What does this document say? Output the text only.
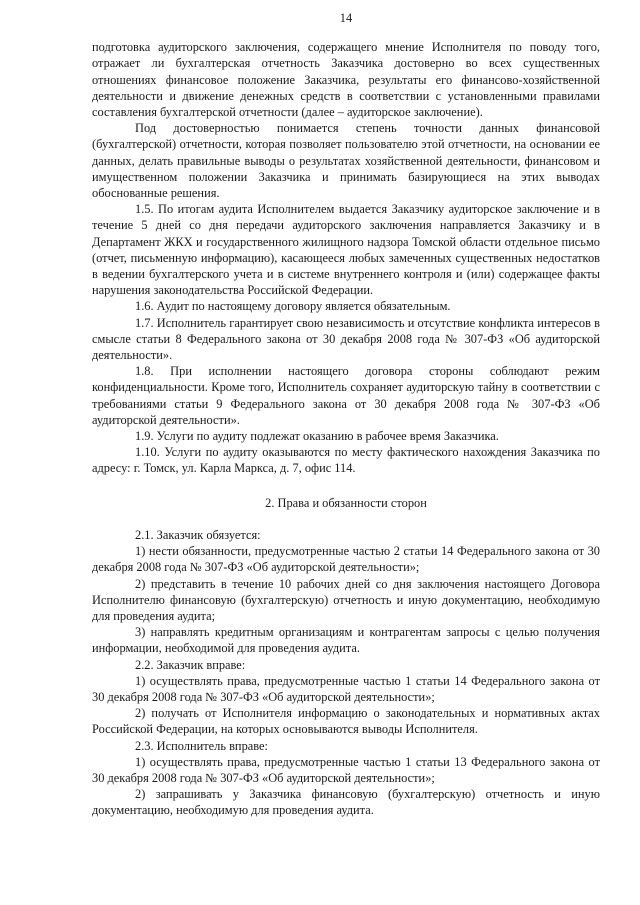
14

подготовка аудиторского заключения, содержащего мнение Исполнителя по поводу того, отражает ли бухгалтерская отчетность Заказчика достоверно во всех существенных отношениях финансовое положение Заказчика, результаты его финансово-хозяйственной деятельности и движение денежных средств в соответствии с установленными правилами составления бухгалтерской отчетности (далее – аудиторское заключение).

Под достоверностью понимается степень точности данных финансовой (бухгалтерской) отчетности, которая позволяет пользователю этой отчетности, на основании ее данных, делать правильные выводы о результатах хозяйственной деятельности, финансовом и имущественном положении Заказчика и принимать базирующиеся на этих выводах обоснованные решения.

1.5. По итогам аудита Исполнителем выдается Заказчику аудиторское заключение и в течение 5 дней со дня передачи аудиторского заключения направляется Заказчику и в Департамент ЖКХ и государственного жилищного надзора Томской области отдельное письмо (отчет, письменную информацию), касающееся любых замеченных существенных недостатков в ведении бухгалтерского учета и в системе внутреннего контроля и (или) содержащее факты нарушения законодательства Российской Федерации.

1.6. Аудит по настоящему договору является обязательным.

1.7. Исполнитель гарантирует свою независимость и отсутствие конфликта интересов в смысле статьи 8 Федерального закона от 30 декабря 2008 года № 307-ФЗ «Об аудиторской деятельности».

1.8. При исполнении настоящего договора стороны соблюдают режим конфиденциальности. Кроме того, Исполнитель сохраняет аудиторскую тайну в соответствии с требованиями статьи 9 Федерального закона от 30 декабря 2008 года № 307-ФЗ «Об аудиторской деятельности».

1.9. Услуги по аудиту подлежат оказанию в рабочее время Заказчика.

1.10. Услуги по аудиту оказываются по месту фактического нахождения Заказчика по адресу: г. Томск, ул. Карла Маркса, д. 7, офис 114.

2. Права и обязанности сторон

2.1. Заказчик обязуется:

1) нести обязанности, предусмотренные частью 2 статьи 14 Федерального закона от 30 декабря 2008 года № 307-ФЗ «Об аудиторской деятельности»;

2) представить в течение 10 рабочих дней со дня заключения настоящего Договора Исполнителю финансовую (бухгалтерскую) отчетность и иную документацию, необходимую для проведения аудита;

3) направлять кредитным организациям и контрагентам запросы с целью получения информации, необходимой для проведения аудита.

2.2. Заказчик вправе:

1) осуществлять права, предусмотренные частью 1 статьи 14 Федерального закона от 30 декабря 2008 года № 307-ФЗ «Об аудиторской деятельности»;

2) получать от Исполнителя информацию о законодательных и нормативных актах Российской Федерации, на которых основываются выводы Исполнителя.

2.3. Исполнитель вправе:

1) осуществлять права, предусмотренные частью 1 статьи 13 Федерального закона от 30 декабря 2008 года № 307-ФЗ «Об аудиторской деятельности»;

2) запрашивать у Заказчика финансовую (бухгалтерскую) отчетность и иную документацию, необходимую для проведения аудита.
